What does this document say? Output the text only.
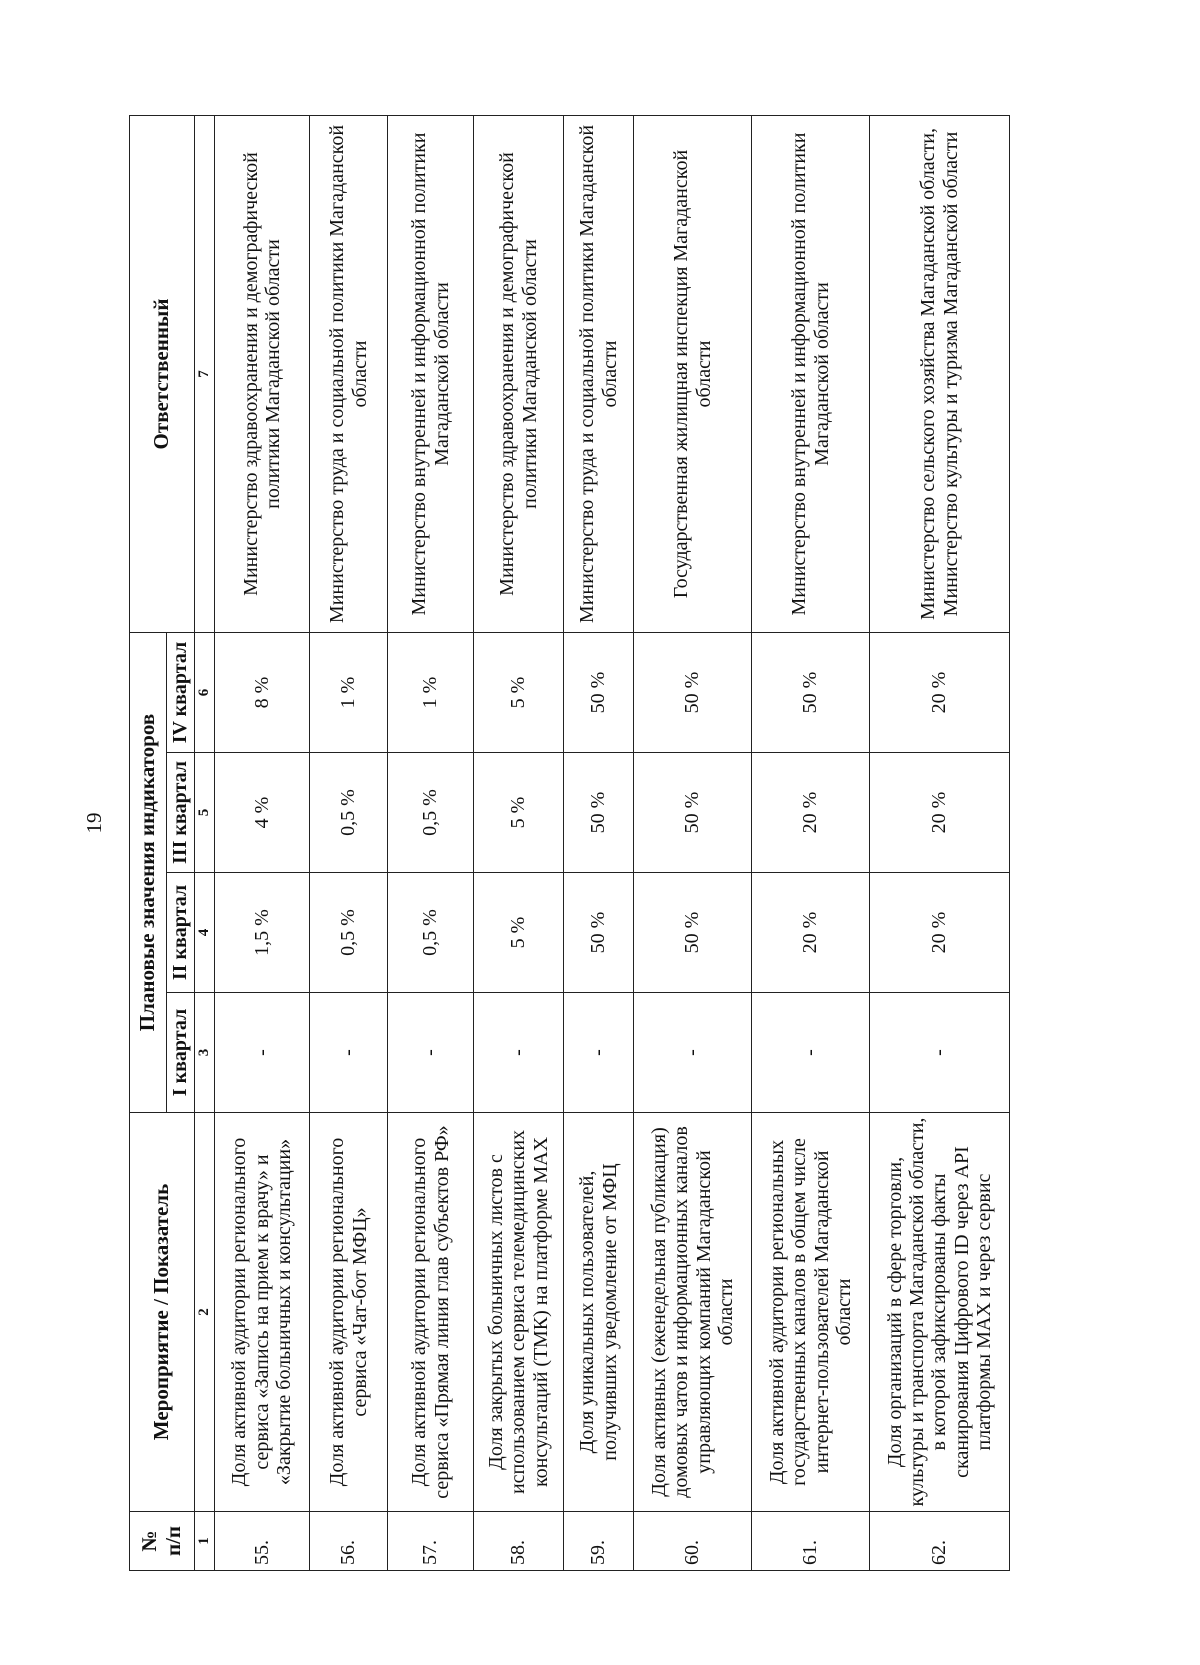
19
№
п/п	Мероприятие / Показатель	Плановые значения индикаторов				Ответственный
		I квартал	II квартал	III квартал	IV квартал	
1	2	3	4	5	6	7
55.	Доля активной аудитории регионального сервиса «Запись на прием к врачу» и «Закрытие больничных и консультации»	-	1,5 %	4 %	8 %	Министерство здравоохранения и демографической политики Магаданской области
56.	Доля активной аудитории регионального сервиса «Чат-бот МФЦ»	-	0,5 %	0,5 %	1 %	Министерство труда и социальной политики Магаданской области
57.	Доля активной аудитории регионального сервиса «Прямая линия глав субъектов РФ»	-	0,5 %	0,5 %	1 %	Министерство внутренней и информационной политики Магаданской области
58.	Доля закрытых больничных листов с использованием сервиса телемедицинских консультаций (ТМК) на платформе MAX	-	5 %	5 %	5 %	Министерство здравоохранения и демографической политики Магаданской области
59.	Доля уникальных пользователей, получивших уведомление от МФЦ	-	50 %	50 %	50 %	Министерство труда и социальной политики Магаданской области
60.	Доля активных (еженедельная публикация) домовых чатов и информационных каналов управляющих компаний Магаданской области	-	50 %	50 %	50 %	Государственная жилищная инспекция Магаданской области
61.	Доля активной аудитории региональных государственных каналов в общем числе интернет-пользователей Магаданской области	-	20 %	20 %	50 %	Министерство внутренней и информационной политики Магаданской области
62.	Доля организаций в сфере торговли, культуры и транспорта Магаданской области, в которой зафиксированы факты сканирования Цифрового ID через API платформы MAX и через сервис	-	20 %	20 %	20 %	Министерство сельского хозяйства Магаданской области, Министерство культуры и туризма Магаданской области
